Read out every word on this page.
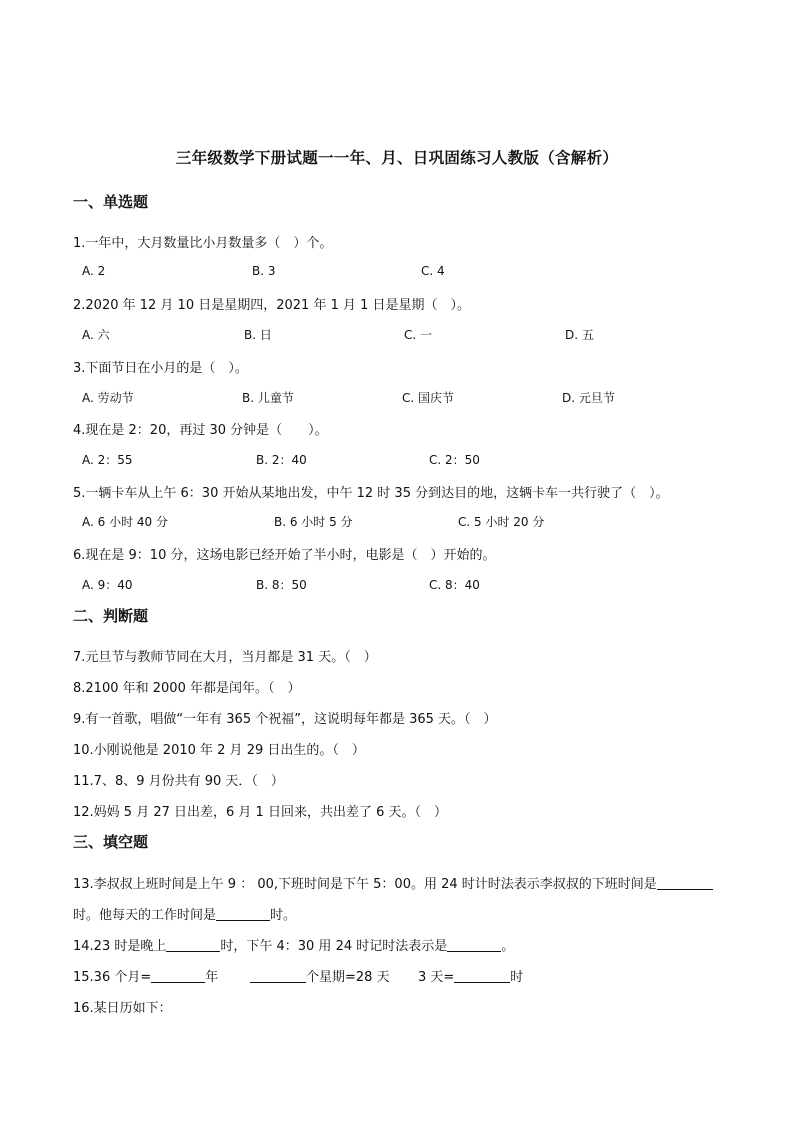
三年级数学下册试题一一年、月、日巩固练习人教版（含解析）
一、单选题
1.一年中，大月数量比小月数量多（　）个。
A. 2	B. 3	C. 4
2.2020 年 12 月 10 日是星期四，2021 年 1 月 1 日是星期（　）。
A. 六	B. 日	C. 一	D. 五
3.下面节日在小月的是（　）。
A. 劳动节	B. 儿童节	C. 国庆节	D. 元旦节
4.现在是 2：20，再过 30 分钟是（　　）。
A. 2：55	B. 2：40	C. 2：50
5.一辆卡车从上午 6：30 开始从某地出发，中午 12 时 35 分到达目的地，这辆卡车一共行驶了（　）。
A. 6 小时 40 分	B. 6 小时 5 分	C. 5 小时 20 分
6.现在是 9：10 分，这场电影已经开始了半小时，电影是（　）开始的。
A. 9：40	B. 8：50	C. 8：40
二、判断题
7.元旦节与教师节同在大月，当月都是 31 天。（　）
8.2100 年和 2000 年都是闰年。（　）
9.有一首歌，唱做“一年有 365 个祝福”，这说明每年都是 365 天。（　）
10.小刚说他是 2010 年 2 月 29 日出生的。（　）
11.7、8、9 月份共有 90 天．（　）
12.妈妈 5 月 27 日出差，6 月 1 日回来，共出差了 6 天。（　）
三、填空题
13.李叔叔上班时间是上午 9 ： 00,下班时间是下午 5：00。用 24 时计时法表示李叔叔的下班时间是
时。他每天的工作时间是	时。
14.23 时是晚上	时，下午 4：30 用 24 时记时法表示是	。
15.36 个月=	年	个星期=28 天 3 天=	时
16.某日历如下：
